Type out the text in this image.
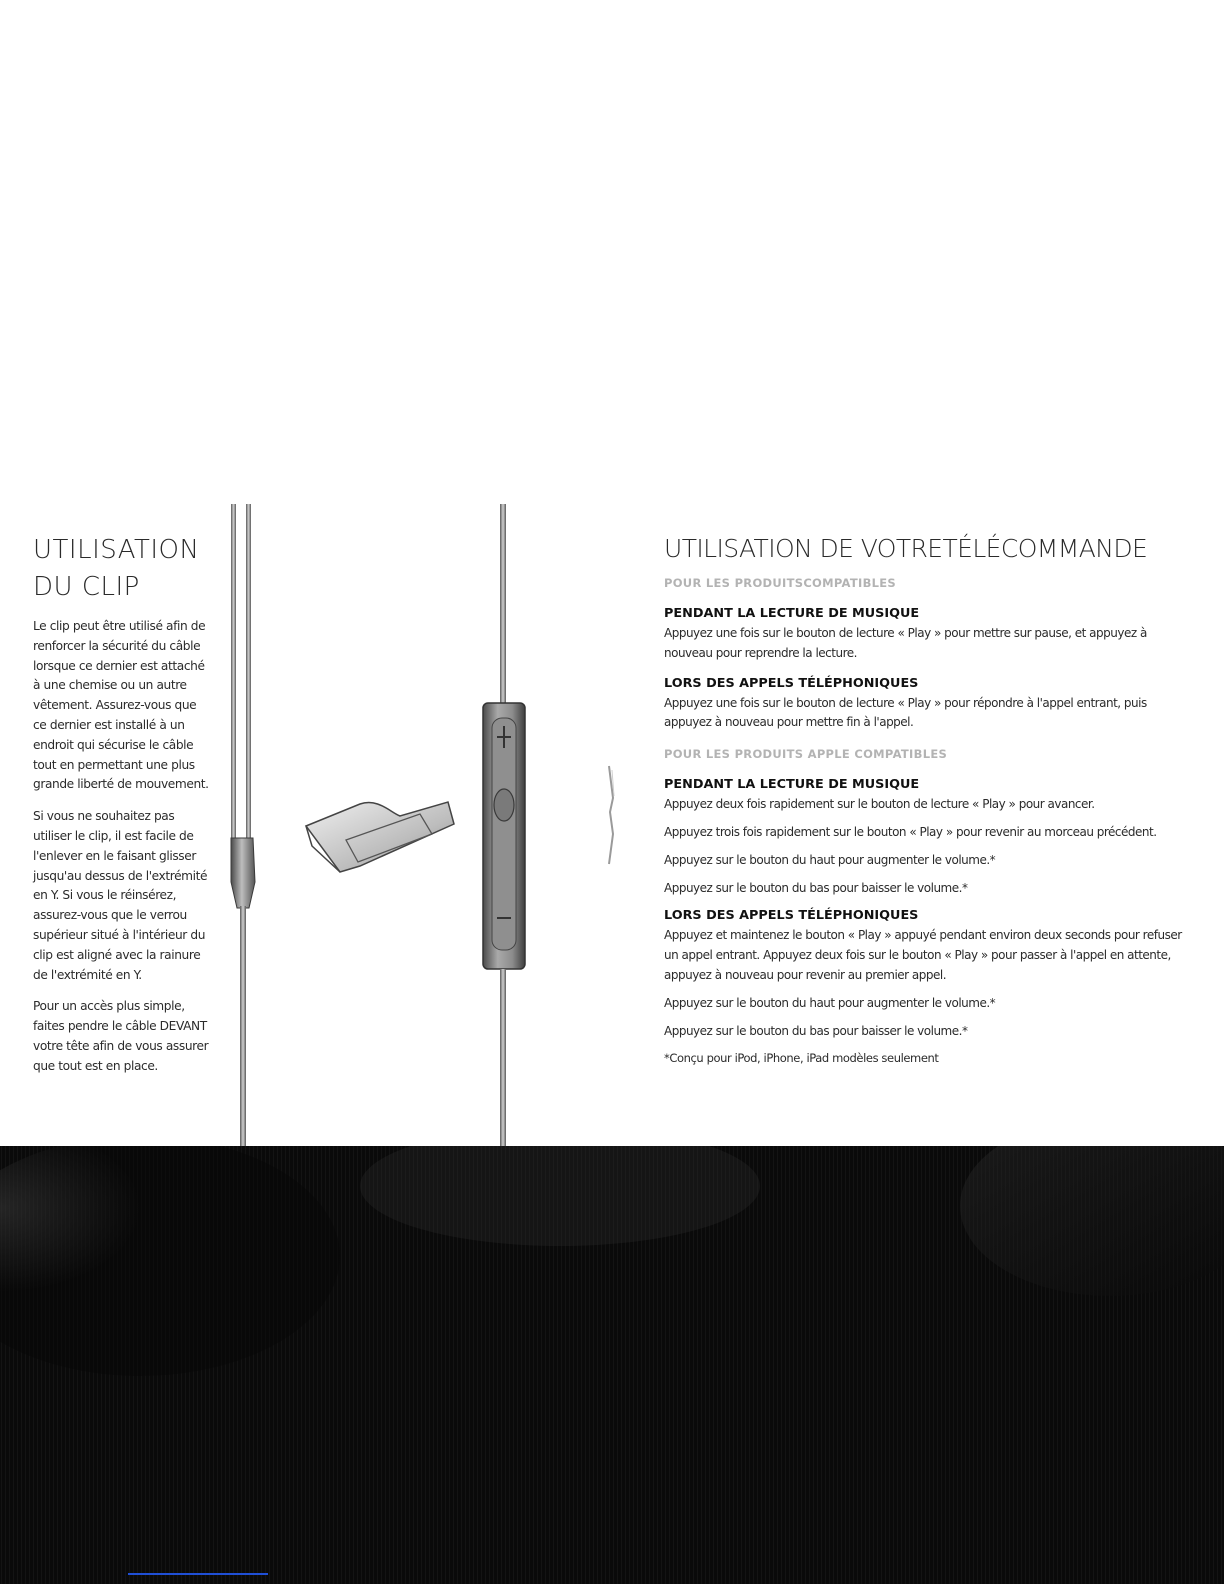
UTILISATION
DU CLIP

Le clip peut être utilisé afin de renforcer la sécurité du câble lorsque ce dernier est attaché à une chemise ou un autre vêtement. Assurez-vous que ce dernier est installé à un endroit qui sécurise le câble tout en permettant une plus grande liberté de mouvement.

Si vous ne souhaitez pas utiliser le clip, il est facile de l'enlever en le faisant glisser jusqu'au dessus de l'extrémité en Y. Si vous le réinsérez, assurez-vous que le verrou supérieur situé à l'intérieur du clip est aligné avec la rainure de l'extrémité en Y.

Pour un accès plus simple, faites pendre le câble DEVANT votre tête afin de vous assurer que tout est en place.

UTILISATION DE VOTRETÉLÉCOMMANDE

POUR LES PRODUITSCOMPATIBLES

PENDANT LA LECTURE DE MUSIQUE

Appuyez une fois sur le bouton de lecture « Play » pour mettre sur pause, et appuyez à nouveau pour reprendre la lecture.

LORS DES APPELS TÉLÉPHONIQUES

Appuyez une fois sur le bouton de lecture « Play » pour répondre à l'appel entrant, puis appuyez à nouveau pour mettre fin à l'appel.

POUR LES PRODUITS APPLE COMPATIBLES

PENDANT LA LECTURE DE MUSIQUE

Appuyez deux fois rapidement sur le bouton de lecture « Play » pour avancer.

Appuyez trois fois rapidement sur le bouton « Play » pour revenir au morceau précédent.

Appuyez sur le bouton du haut pour augmenter le volume.*

Appuyez sur le bouton du bas pour baisser le volume.*

LORS DES APPELS TÉLÉPHONIQUES

Appuyez et maintenez le bouton « Play » appuyé pendant environ deux seconds pour refuser un appel entrant. Appuyez deux fois sur le bouton « Play » pour passer à l'appel en attente, appuyez à nouveau pour revenir au premier appel.

Appuyez sur le bouton du haut pour augmenter le volume.*

Appuyez sur le bouton du bas pour baisser le volume.*

*Conçu pour iPod, iPhone, iPad modèles seulement
